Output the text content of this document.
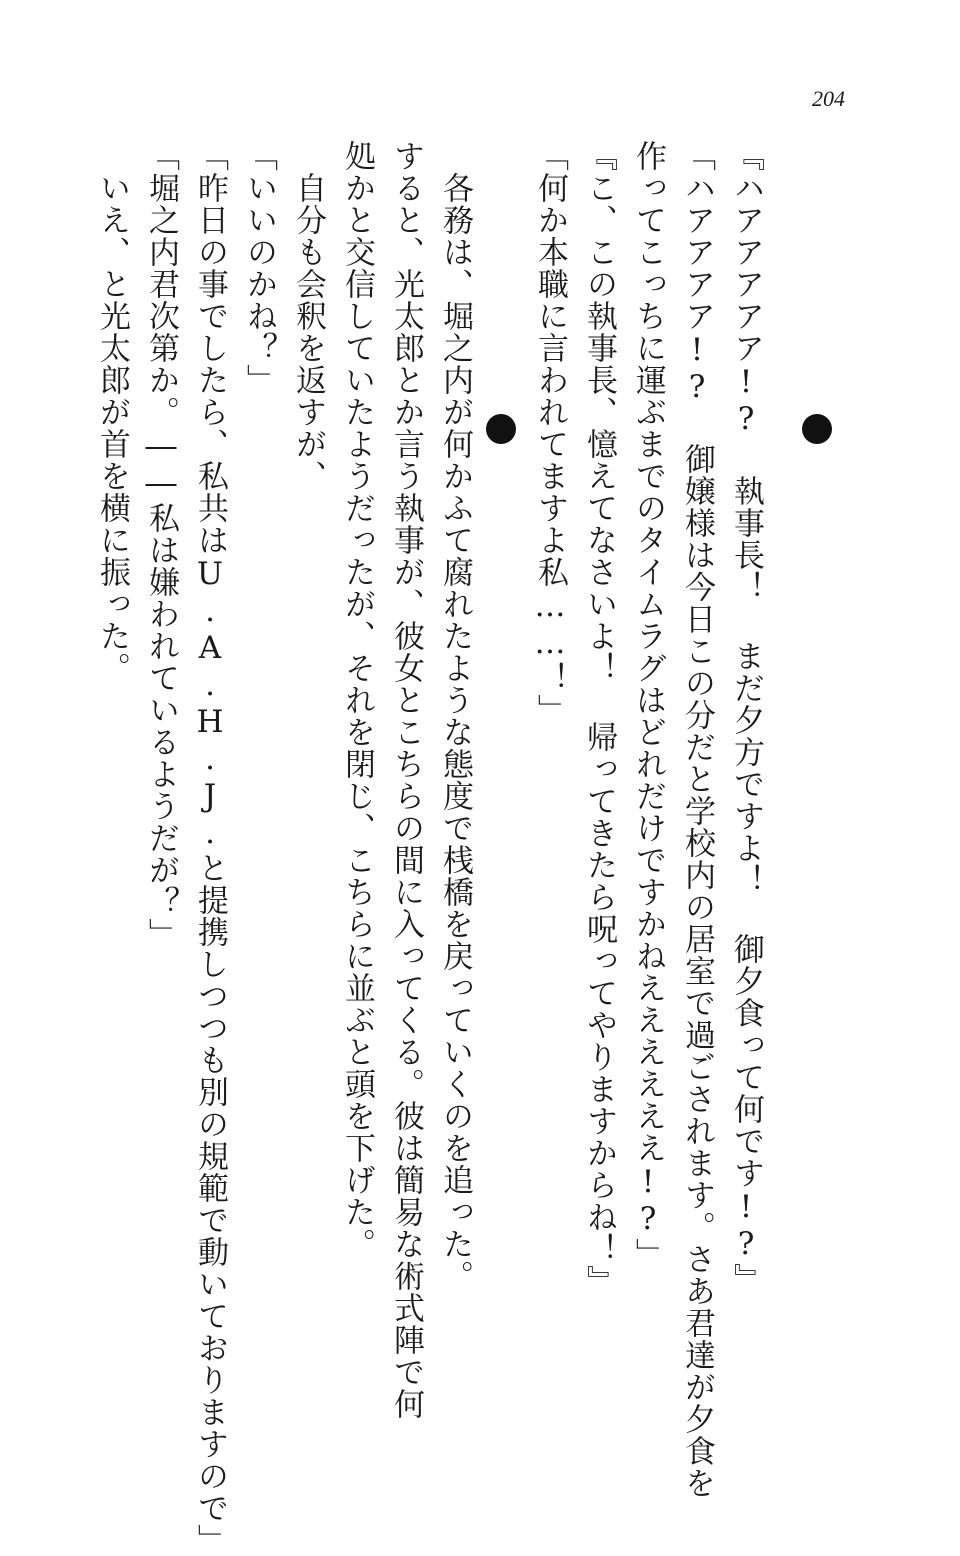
204
『ハアアアアア!? 執事長！ まだ夕方ですよ！ 御夕食って何です!?』
「ハアアアア!? 御嬢様は今日この分だと学校内の居室で過ごされます。さあ君達が夕食を
作ってこっちに運ぶまでのタイムラグはどれだけですかねええええええ!?」
『こ、この執事長、憶えてなさいよ！ 帰ってきたら呪ってやりますからね！』
「何か本職に言われてますよ私……！」
各務は、堀之内が何かふて腐れたような態度で桟橋を戻っていくのを追った。
すると、光太郎とか言う執事が、彼女とこちらの間に入ってくる。彼は簡易な術式陣で何
処かと交信していたようだったが、それを閉じ、こちらに並ぶと頭を下げた。
自分も会釈を返すが、
「いいのかね？」
「昨日の事でしたら、私共はU.A.H.J.と提携しつつも別の規範で動いておりますので」
「堀之内君次第か。――私は嫌われているようだが？」
いえ、と光太郎が首を横に振った。
